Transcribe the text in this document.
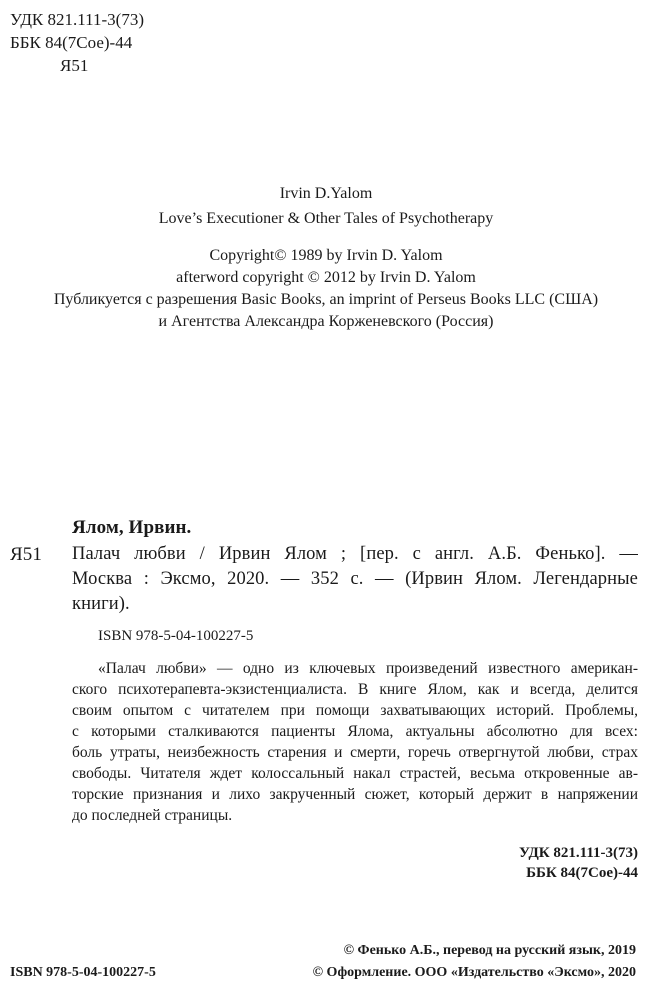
УДК 821.111-3(73)
ББК 84(7Сое)-44
Я51
Irvin D.Yalom
Love’s Executioner & Other Tales of Psychotherapy
Copyright© 1989 by Irvin D. Yalom
afterword copyright © 2012 by Irvin D. Yalom
Публикуется с разрешения Basic Books, an imprint of Perseus Books LLC (США)
и Агентства Александра Корженевского (Россия)
Ялом, Ирвин.
Я51 Палач любви / Ирвин Ялом ; [пер. с англ. А.Б. Фенько]. —
Москва : Эксмо, 2020. — 352 с. — (Ирвин Ялом. Легендарные
книги).
ISBN 978-5-04-100227-5
«Палач любви» — одно из ключевых произведений известного американ-
ского психотерапевта-экзистенциалиста. В книге Ялом, как и всегда, делится
своим опытом с читателем при помощи захватывающих историй. Проблемы,
с которыми сталкиваются пациенты Ялома, актуальны абсолютно для всех:
боль утраты, неизбежность старения и смерти, горечь отвергнутой любви, страх
свободы. Читателя ждет колоссальный накал страстей, весьма откровенные ав-
торские признания и лихо закрученный сюжет, который держит в напряжении
до последней страницы.
УДК 821.111-3(73)
ББК 84(7Сое)-44
ISBN 978-5-04-100227-5
© Фенько А.Б., перевод на русский язык, 2019
© Оформление. ООО «Издательство «Эксмо», 2020
